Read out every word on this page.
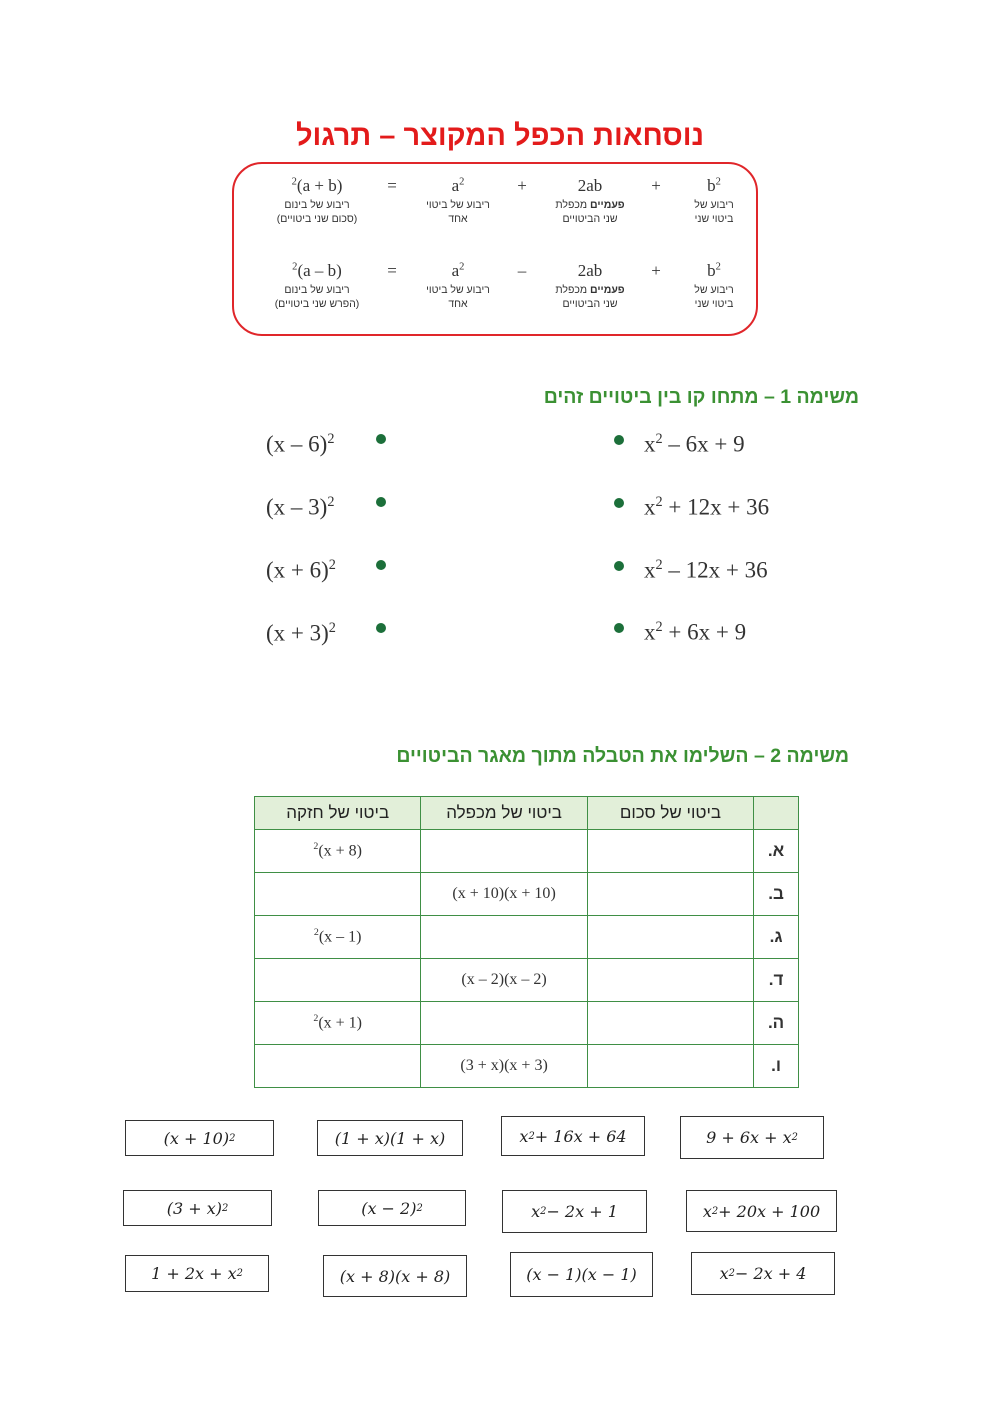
נוסחאות הכפל המקוצר – תרגול
$(a + b)^2$
ריבוע של בינום
(סכום שני ביטויים)
=	$a^2$
ריבוע של ביטוי
אחד
+	2ab
פעמיים מכפלת
שני הביטויים
+	$b^2$
ריבוע של
ביטוי שני
(a – b)$^2$
ריבוע של בינום
(הפרש שני ביטויים)
=	$a^2$
ריבוע של ביטוי
אחד
–	2ab
פעמיים מכפלת
שני הביטויים
+	$b^2$
ריבוע של
ביטוי שני
משימה 1 – מתחו קו בין ביטויים זהים
(x – 6)$^2$
(x – 3)$^2$
$(x + 6)^2$
$(x + 3)^2$
$x^2 - 6x + 9$
$x^2 + 12x + 36$
$x^2 - 12x + 36$
$x^2 + 6x + 9$
משימה 2 – השלימו את הטבלה מתוך מאגר הביטויים
	ביטוי של סכום	ביטוי של מכפלה	ביטוי של חזקה
א.			$(x + 8)^2$
ב.		(x + 10)(x + 10)	
ג.			(x – 1)$^2$
ד.		(x – 2)(x – 2)	
ה.			$(1 + x)^2$
ו.		(3 + x)(3 + x)	
(x + 10) 2	(1 + x)(1 + x)	x 2 + 16x + 64	9 + 6x + x 2
(3 + x) 2	(x − 2) 2	x 2 − 2x + 1	x 2 + 20x + 100
1 + 2x + x 2	(x + 8)(x + 8)	(x − 1)(x − 1)	x 2 − 2x + 4
